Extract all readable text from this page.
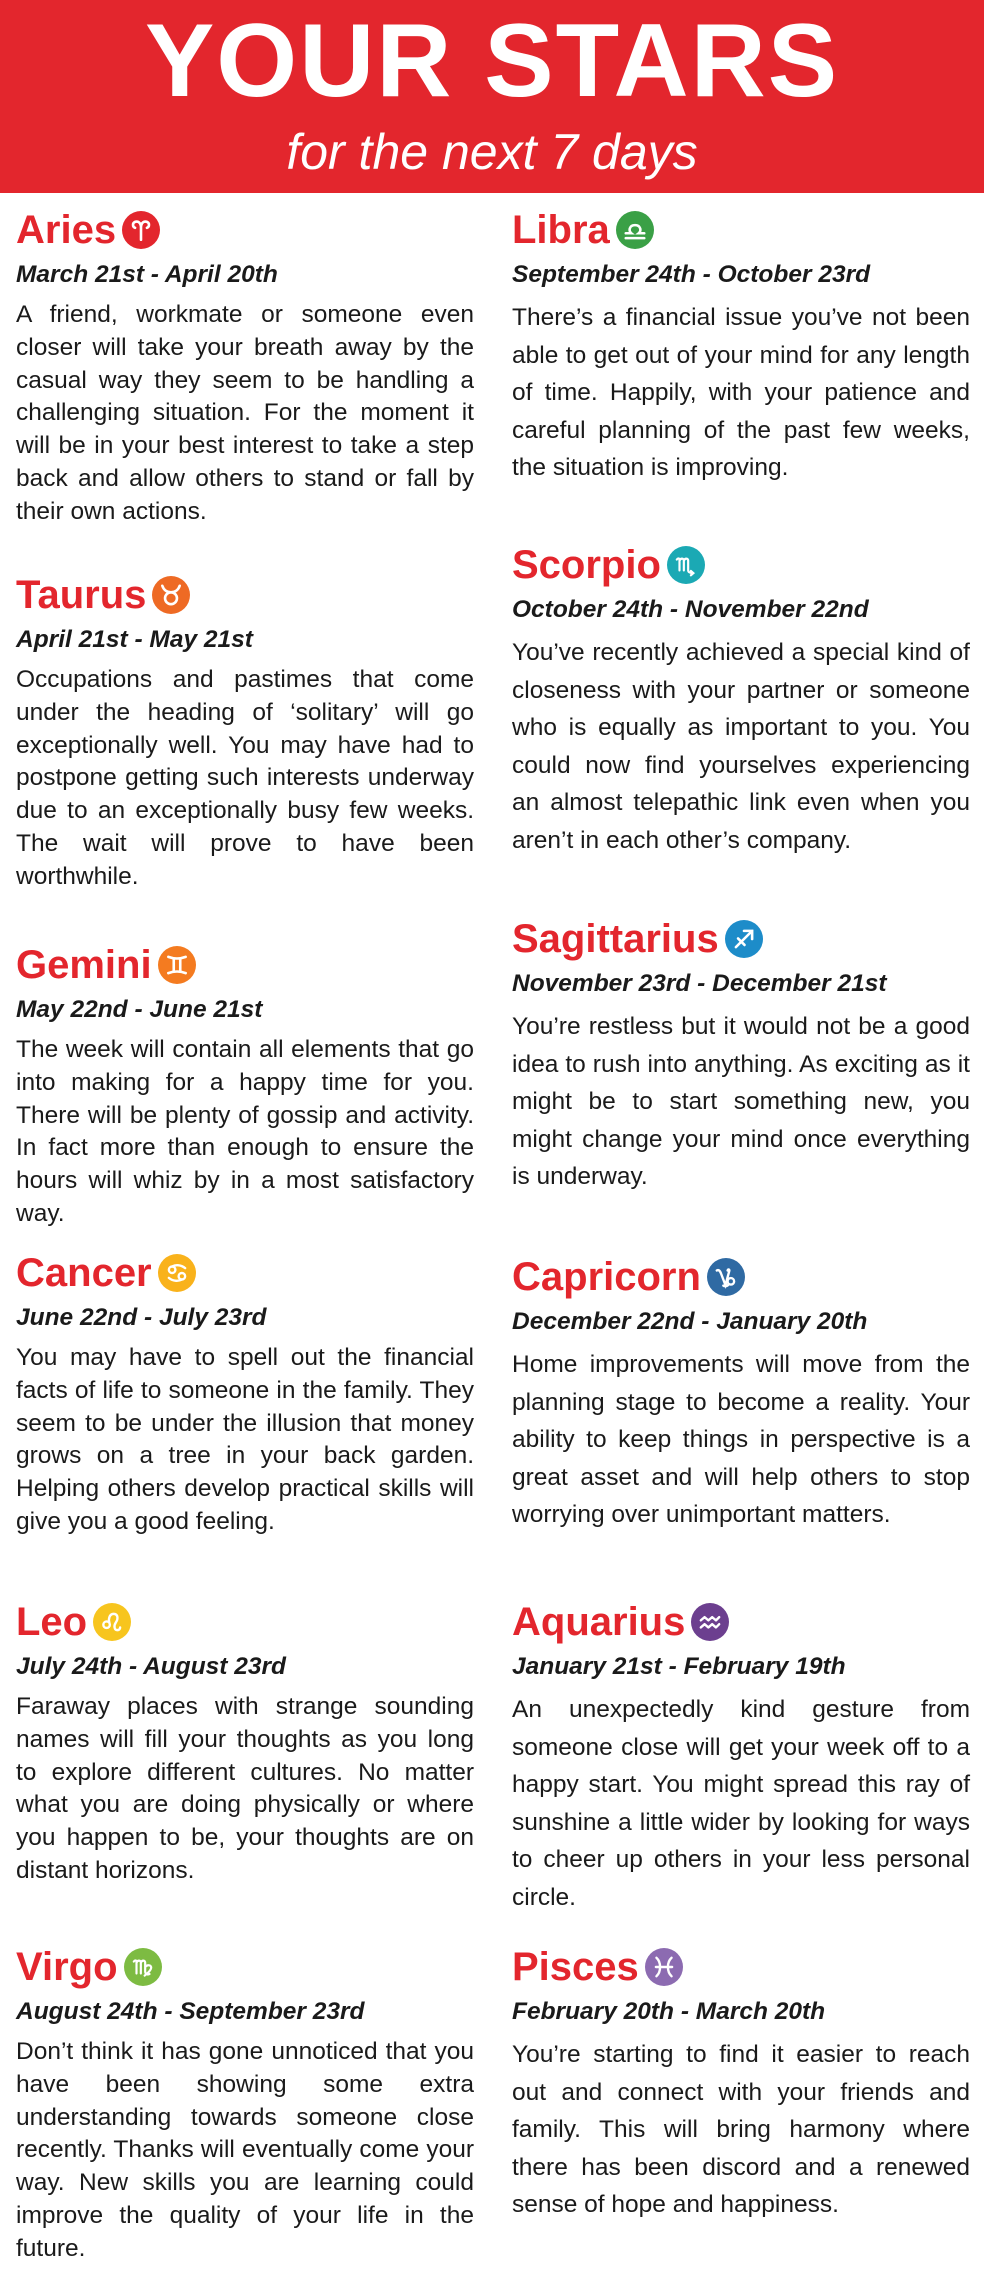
YOUR STARS
for the next 7 days
Aries
March 21st - April 20th
A friend, workmate or someone even closer will take your breath away by the casual way they seem to be handling a challenging situation. For the moment it will be in your best interest to take a step back and allow others to stand or fall by their own actions.
Taurus
April 21st - May 21st
Occupations and pastimes that come under the heading of ‘solitary’ will go exceptionally well. You may have had to postpone getting such interests underway due to an exceptionally busy few weeks. The wait will prove to have been worthwhile.
Gemini
May 22nd - June 21st
The week will contain all elements that go into making for a happy time for you. There will be plenty of gossip and activity. In fact more than enough to ensure the hours will whiz by in a most satisfactory way.
Cancer
June 22nd - July 23rd
You may have to spell out the financial facts of life to someone in the family. They seem to be under the illusion that money grows on a tree in your back garden. Helping others develop practical skills will give you a good feeling.
Leo
July 24th - August 23rd
Faraway places with strange sounding names will fill your thoughts as you long to explore different cultures. No matter what you are doing physically or where you happen to be, your thoughts are on distant horizons.
Virgo
August 24th - September 23rd
Don’t think it has gone unnoticed that you have been showing some extra understanding towards someone close recently. Thanks will eventually come your way. New skills you are learning could improve the quality of your life in the future.
Libra
September 24th - October 23rd
There’s a financial issue you’ve not been able to get out of your mind for any length of time. Happily, with your patience and careful planning of the past few weeks, the situation is improving.
Scorpio
October 24th - November 22nd
You’ve recently achieved a special kind of closeness with your partner or someone who is equally as important to you. You could now find yourselves experiencing an almost telepathic link even when you aren’t in each other’s company.
Sagittarius
November 23rd - December 21st
You’re restless but it would not be a good idea to rush into anything. As exciting as it might be to start something new, you might change your mind once everything is underway.
Capricorn
December 22nd - January 20th
Home improvements will move from the planning stage to become a reality. Your ability to keep things in perspective is a great asset and will help others to stop worrying over unimportant matters.
Aquarius
January 21st - February 19th
An unexpectedly kind gesture from someone close will get your week off to a happy start. You might spread this ray of sunshine a little wider by looking for ways to cheer up others in your less personal circle.
Pisces
February 20th - March 20th
You’re starting to find it easier to reach out and connect with your friends and family. This will bring harmony where there has been discord and a renewed sense of hope and happiness.
